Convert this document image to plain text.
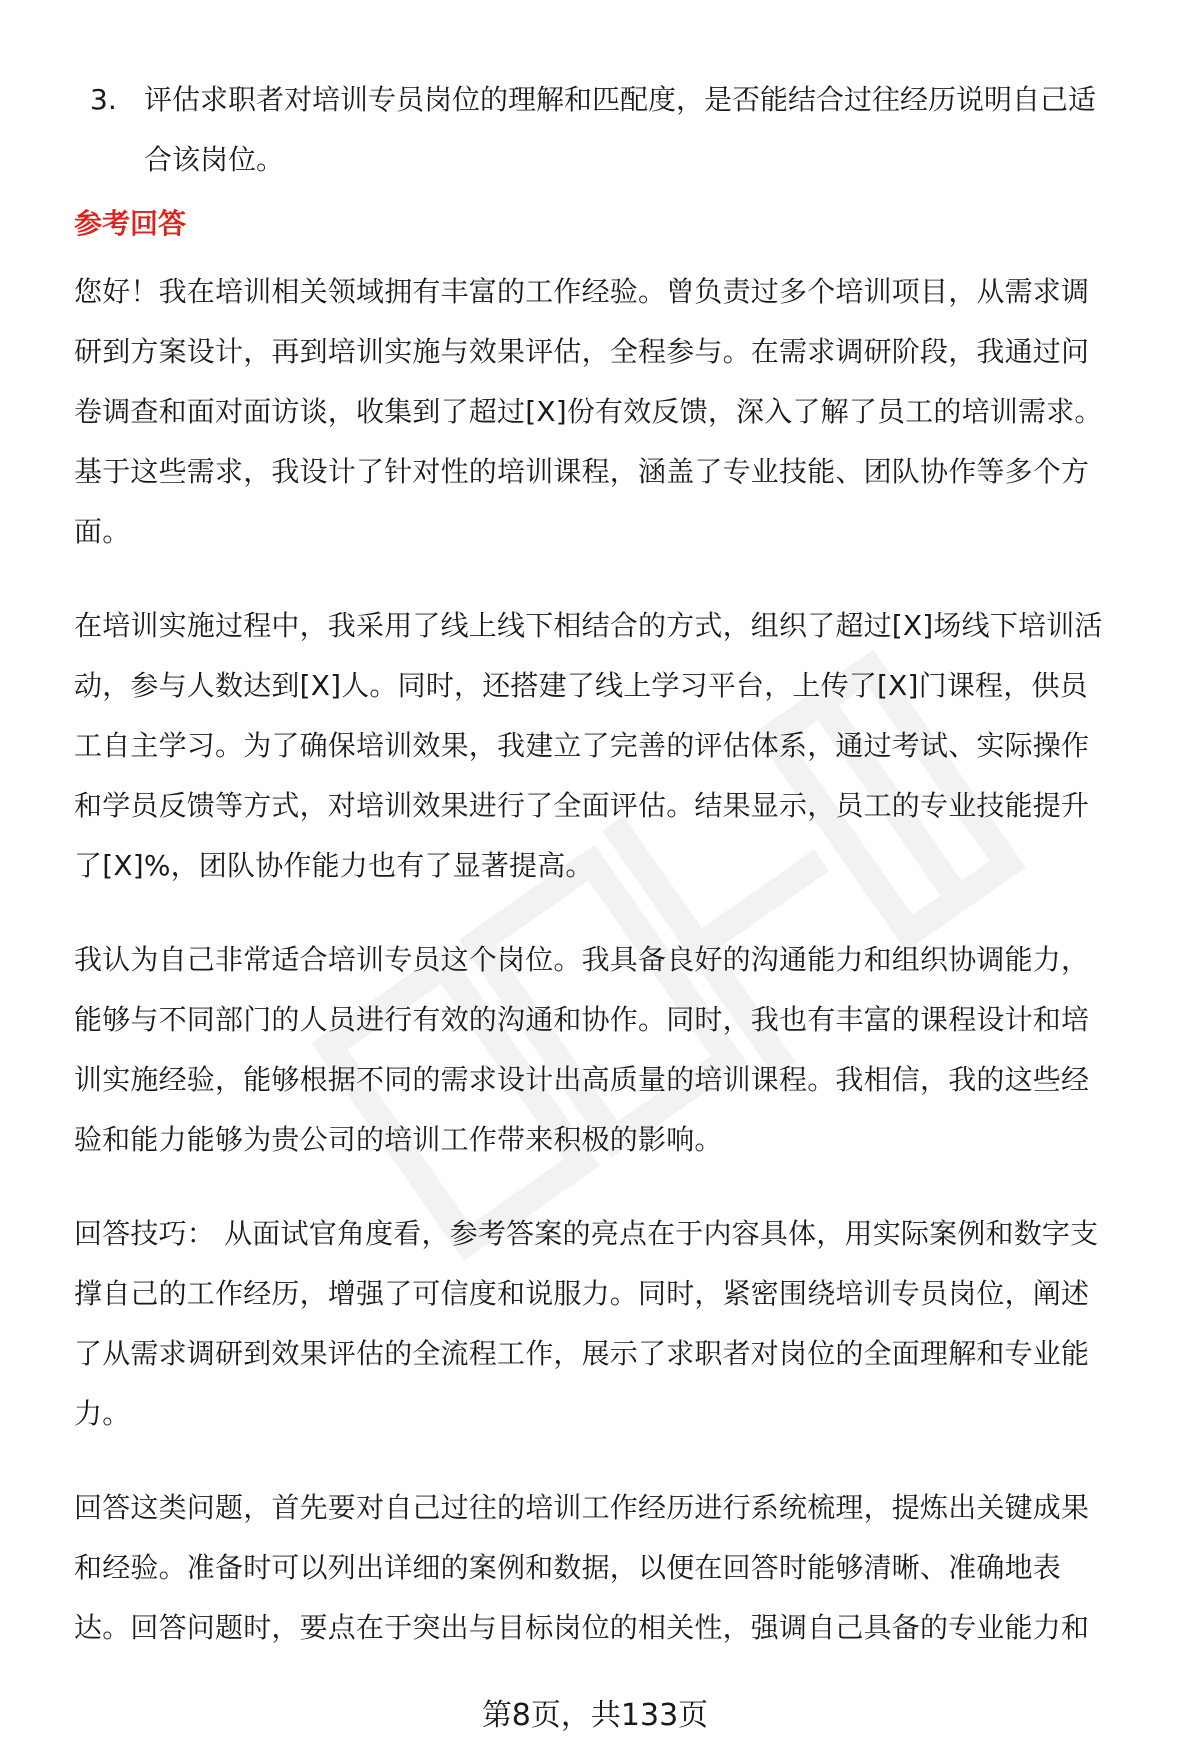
3. 评估求职者对培训专员岗位的理解和匹配度，是否能结合过往经历说明自己适
合该岗位。
参考回答

您好！我在培训相关领域拥有丰富的工作经验。曾负责过多个培训项目，从需求调
研到方案设计，再到培训实施与效果评估，全程参与。在需求调研阶段，我通过问
卷调查和面对面访谈，收集到了超过[X]份有效反馈，深入了解了员工的培训需求。
基于这些需求，我设计了针对性的培训课程，涵盖了专业技能、团队协作等多个方
面。

在培训实施过程中，我采用了线上线下相结合的方式，组织了超过[X]场线下培训活
动，参与人数达到[X]人。同时，还搭建了线上学习平台，上传了[X]门课程，供员
工自主学习。为了确保培训效果，我建立了完善的评估体系，通过考试、实际操作
和学员反馈等方式，对培训效果进行了全面评估。结果显示，员工的专业技能提升
了[X]%，团队协作能力也有了显著提高。

我认为自己非常适合培训专员这个岗位。我具备良好的沟通能力和组织协调能力，
能够与不同部门的人员进行有效的沟通和协作。同时，我也有丰富的课程设计和培
训实施经验，能够根据不同的需求设计出高质量的培训课程。我相信，我的这些经
验和能力能够为贵公司的培训工作带来积极的影响。

回答技巧： 从面试官角度看，参考答案的亮点在于内容具体，用实际案例和数字支
撑自己的工作经历，增强了可信度和说服力。同时，紧密围绕培训专员岗位，阐述
了从需求调研到效果评估的全流程工作，展示了求职者对岗位的全面理解和专业能
力。

回答这类问题，首先要对自己过往的培训工作经历进行系统梳理，提炼出关键成果
和经验。准备时可以列出详细的案例和数据，以便在回答时能够清晰、准确地表
达。回答问题时，要点在于突出与目标岗位的相关性，强调自己具备的专业能力和

第8页，共133页
